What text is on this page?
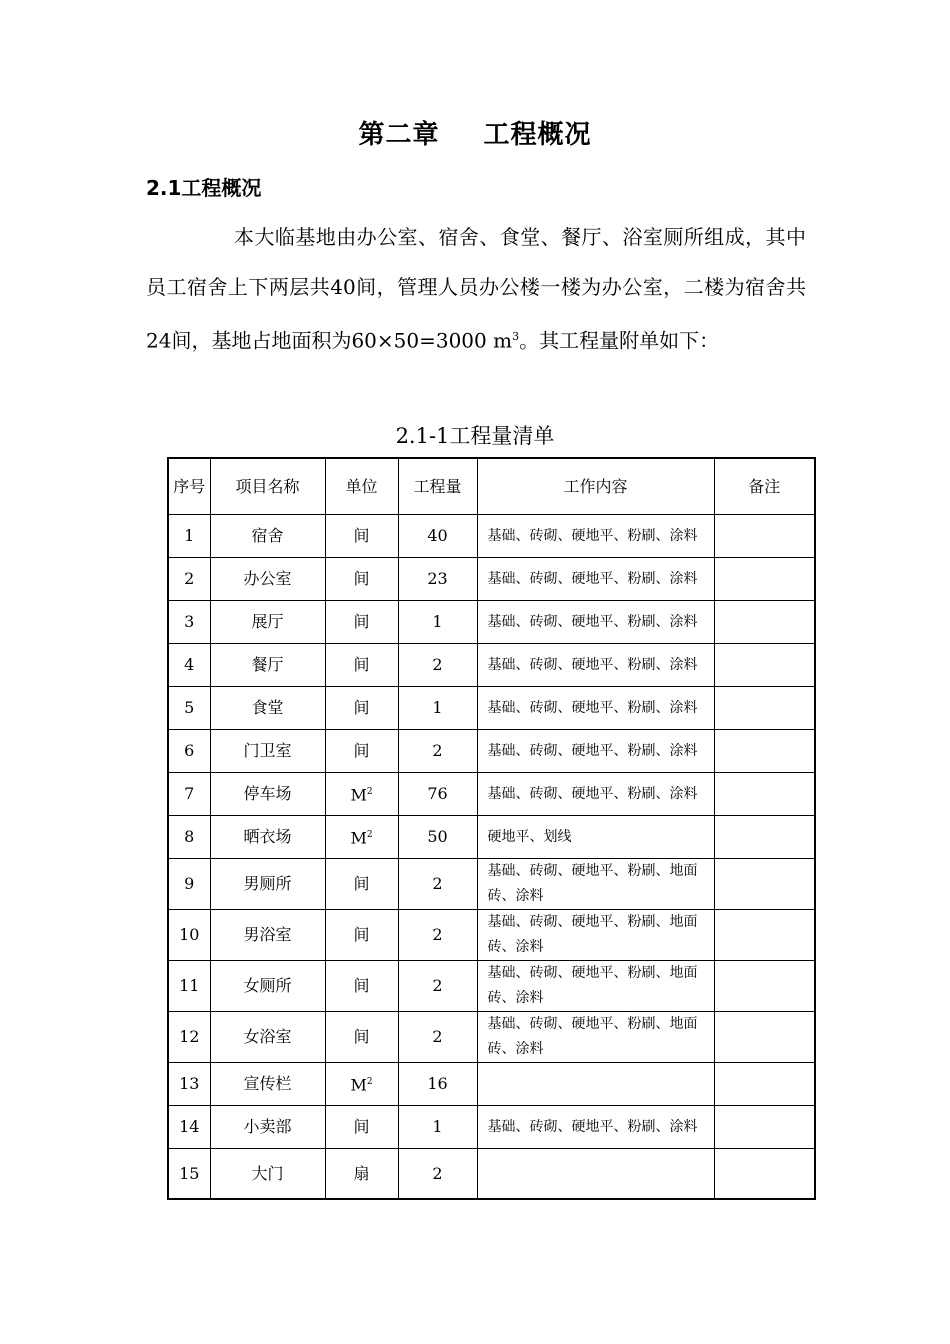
第二章 工程概况
2.1工程概况
本大临基地由办公室、宿舍、食堂、餐厅、浴室厕所组成，其中员工宿舍上下两层共40间，管理人员办公楼一楼为办公室，二楼为宿舍共24间，基地占地面积为60×50=3000 $m^3$。其工程量附单如下：
2.1-1工程量清单
序号	项目名称	单位	工程量	工作内容	备注
1	宿舍	间	40	基础、砖砌、硬地平、粉刷、涂料	
2	办公室	间	23	基础、砖砌、硬地平、粉刷、涂料	
3	展厅	间	1	基础、砖砌、硬地平、粉刷、涂料	
4	餐厅	间	2	基础、砖砌、硬地平、粉刷、涂料	
5	食堂	间	1	基础、砖砌、硬地平、粉刷、涂料	
6	门卫室	间	2	基础、砖砌、硬地平、粉刷、涂料	
7	停车场	$M^2$	76	基础、砖砌、硬地平、粉刷、涂料	
8	晒衣场	$M^2$	50	硬地平、划线	
9	男厕所	间	2	基础、砖砌、硬地平、粉刷、地面砖、涂料	
10	男浴室	间	2	基础、砖砌、硬地平、粉刷、地面砖、涂料	
11	女厕所	间	2	基础、砖砌、硬地平、粉刷、地面砖、涂料	
12	女浴室	间	2	基础、砖砌、硬地平、粉刷、地面砖、涂料	
13	宣传栏	$M^2$	16		
14	小卖部	间	1	基础、砖砌、硬地平、粉刷、涂料	
15	大门	扇	2		
